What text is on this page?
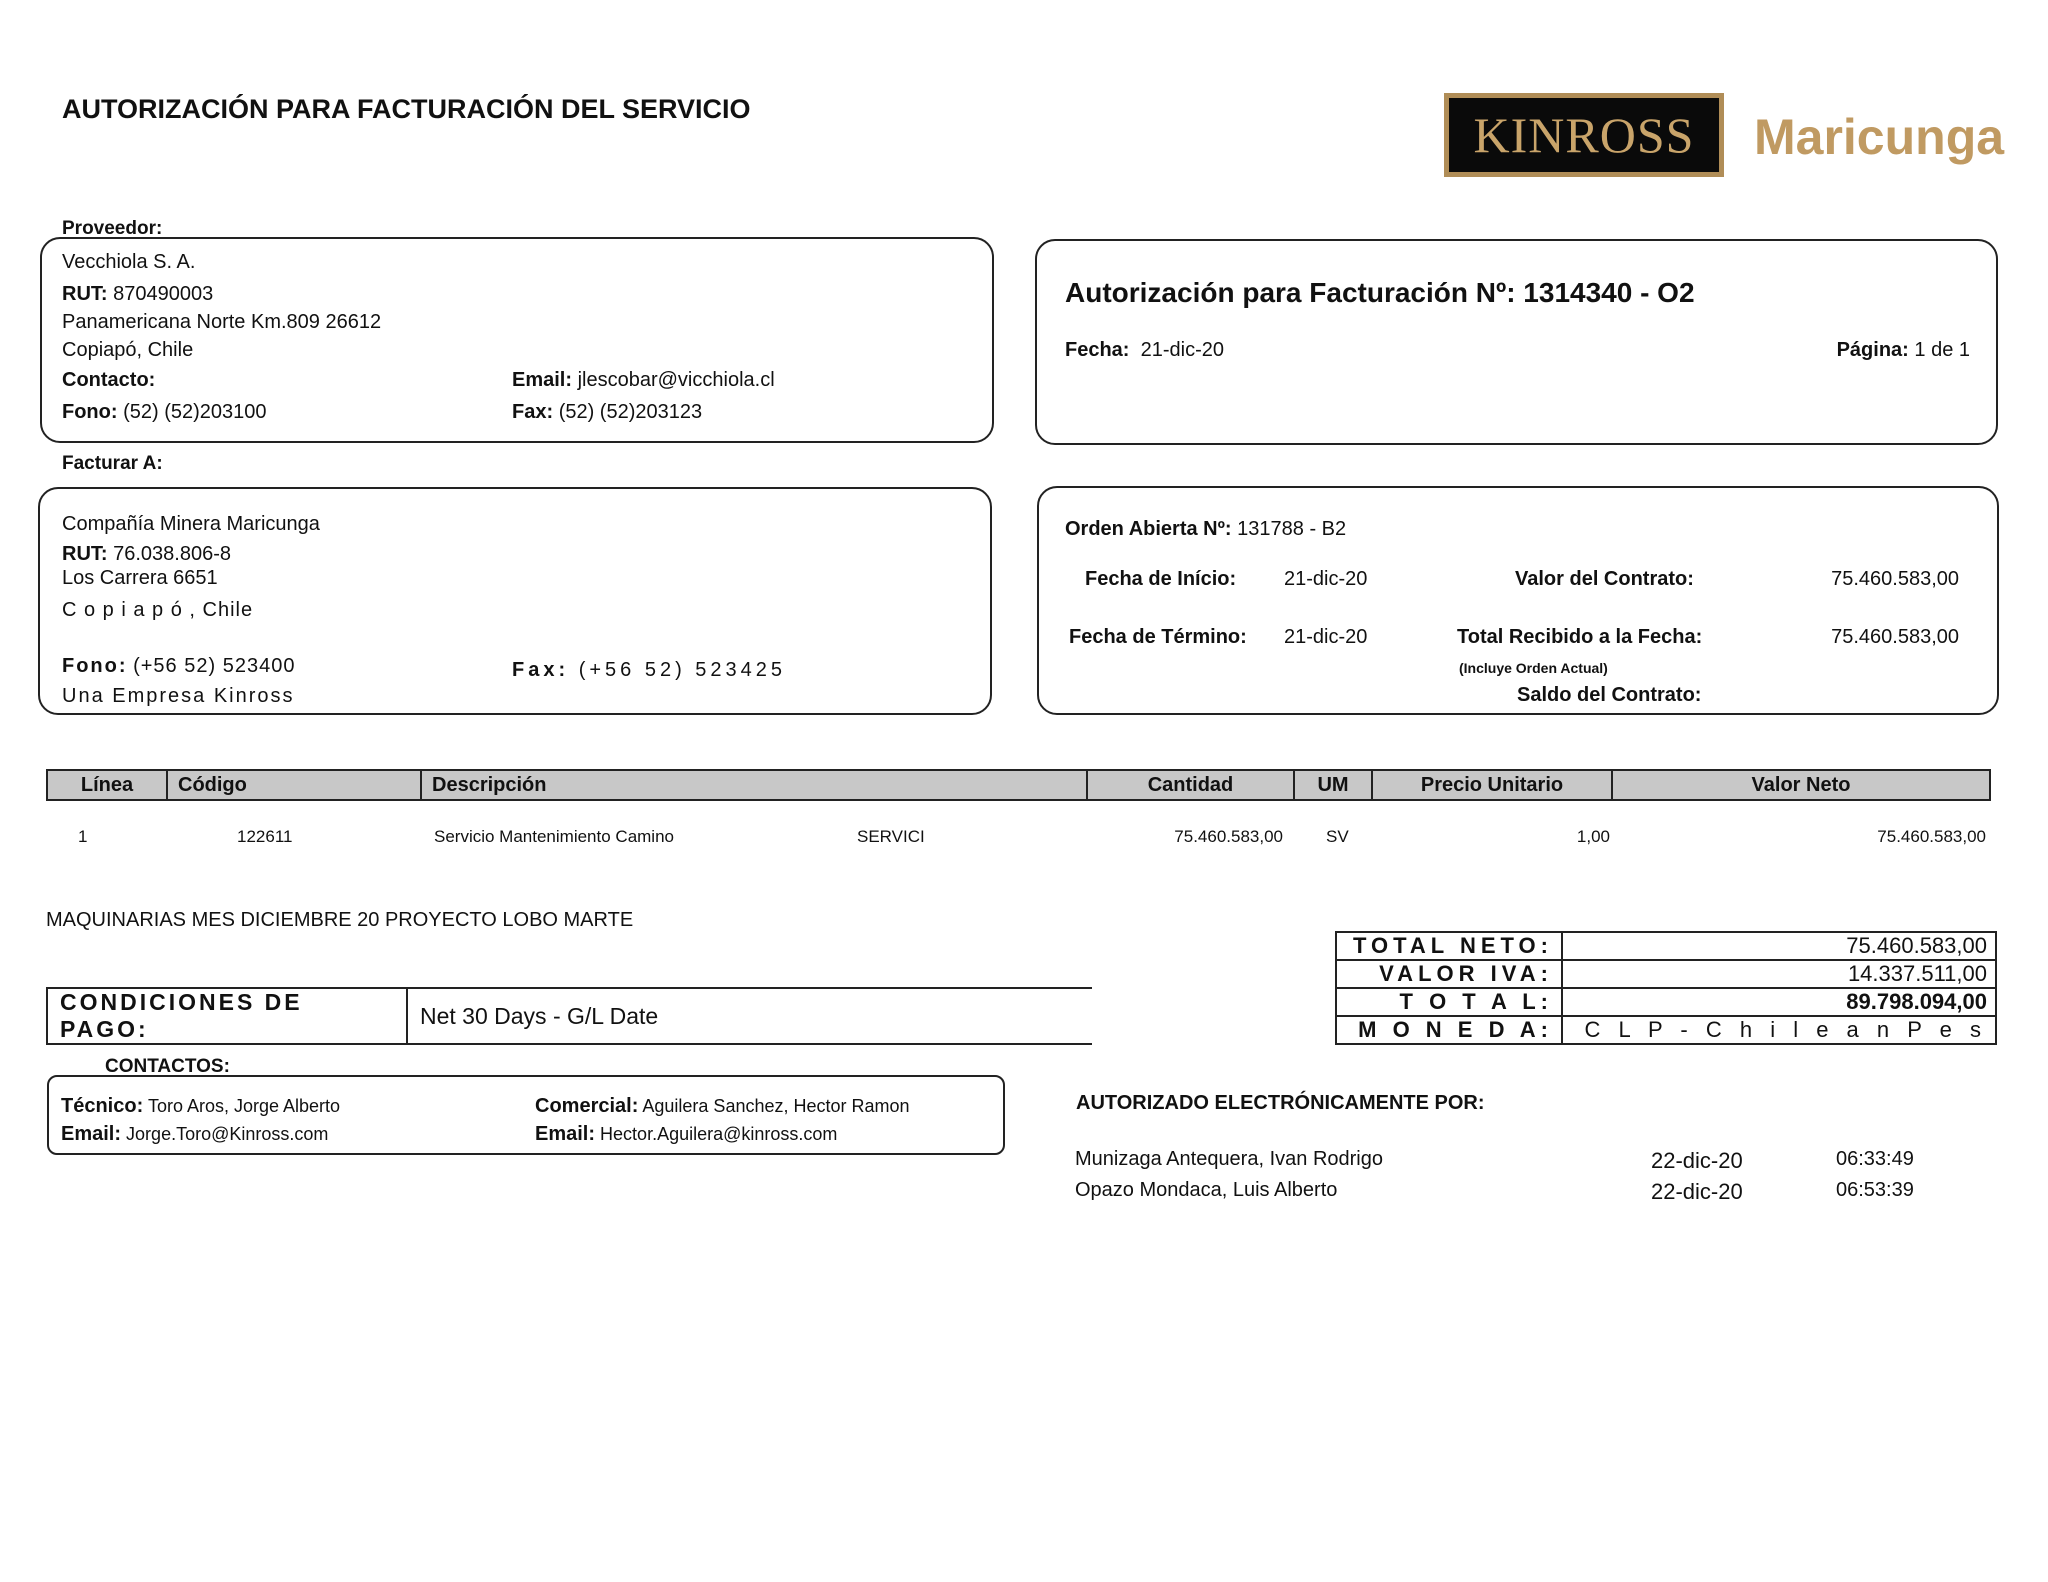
AUTORIZACIÓN PARA FACTURACIÓN DEL SERVICIO	KINROSS Maricunga
Proveedor:
Vecchiola S. A.
RUT: 870490003
Panamericana Norte Km.809 26612
Copiapó, Chile
Contacto:	Email: jlescobar@vicchiola.cl
Fono: (52) (52)203100	Fax: (52) (52)203123
Autorización para Facturación Nº: 1314340 - O2
Fecha: 21-dic-20	Página: 1 de 1
Facturar A:
Compañía Minera Maricunga
RUT: 76.038.806-8
Los Carrera 6651
C o p i a p ó , Chile
Fono: (+56 52) 523400	Fax: (+56 52) 523425
Una Empresa Kinross
Orden Abierta Nº: 131788 - B2
Fecha de Início: 21-dic-20	Valor del Contrato:	75.460.583,00
Fecha de Término: 21-dic-20	Total Recibido a la Fecha:	75.460.583,00
(Incluye Orden Actual)
Saldo del Contrato:
Línea	Código	Descripción	Cantidad	UM	Precio Unitario	Valor Neto
1	122611	Servicio Mantenimiento Camino	SERVICI	75.460.583,00	SV	1,00	75.460.583,00
MAQUINARIAS MES DICIEMBRE 20 PROYECTO LOBO MARTE
TOTAL NETO:	75.460.583,00
VALOR IVA:	14.337.511,00
T O T A L:	89.798.094,00
M O N E D A:	C L P - C h i l e a n P e s
CONDICIONES DE PAGO:	Net 30 Days - G/L Date
CONTACTOS:
Técnico: Toro Aros, Jorge Alberto
Email: Jorge.Toro@Kinross.com
Comercial: Aguilera Sanchez, Hector Ramon
Email: Hector.Aguilera@kinross.com
AUTORIZADO ELECTRÓNICAMENTE POR:
Munizaga Antequera, Ivan Rodrigo	22-dic-20	06:33:49
Opazo Mondaca, Luis Alberto	22-dic-20	06:53:39
